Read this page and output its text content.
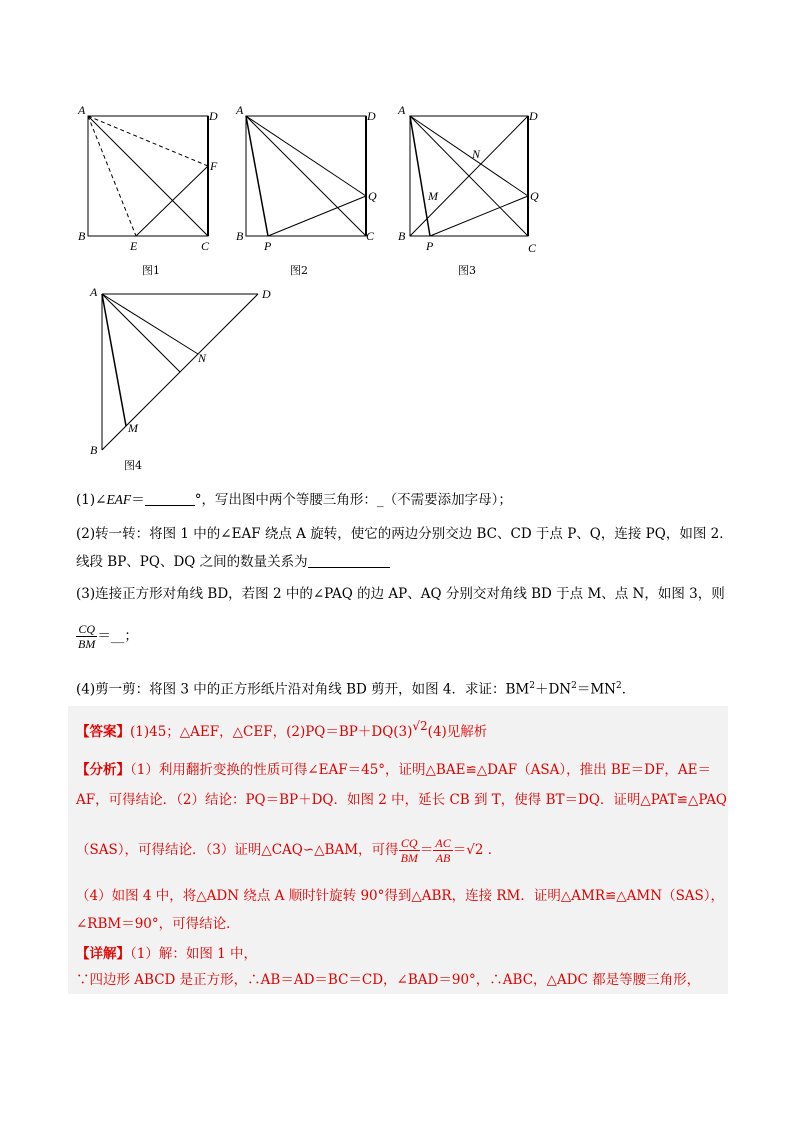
A	D
F
B
E	C
图1
A	D
Q
B
P
C
图2
A	D
N
M	Q
B
P	C
图3
A	D
N
M
B
图4
(1)∠EAF＝	°，写出图中两个等腰三角形：_（不需要添加字母）；
(2)转一转：将图 1 中的∠EAF 绕点 A 旋转，使它的两边分别交边 BC、CD 于点 P、Q，连接 PQ，如图 2．
线段 BP、PQ、DQ 之间的数量关系为
(3)连接正方形对角线 BD，若图 2 中的∠PAQ 的边 AP、AQ 分别交对角线 BD 于点 M、点 N，如图 3，则
$\frac{CQ}{BM}$ ＝__；
(4)剪一剪：将图 3 中的正方形纸片沿对角线 BD 剪开，如图 4．求证：$BM^2+DN^2=MN^2$．
【答案】(1)45；△AEF，△CEF，(2)PQ＝BP＋DQ(3)√2(4)见解析
【分析】（1）利用翻折变换的性质可得∠EAF＝45°，证明△BAE≌△DAF（ASA），推出 BE＝DF，AE＝
AF，可得结论．（2）结论：PQ＝BP＋DQ．如图 2 中，延长 CB 到 T，使得 BT＝DQ．证明△PAT≌△PAQ
（SAS），可得结论．（3）证明△CAQ∽△BAM，可得 $\frac{CQ}{BM} = \frac{AC}{AB} =√2$ ．
（4）如图 4 中，将△ADN 绕点 A 顺时针旋转 90°得到△ABR，连接 RM．证明△AMR≌△AMN（SAS），
∠RBM＝90°，可得结论．
【详解】（1）解：如图 1 中，
∵四边形 ABCD 是正方形，∴AB＝AD＝BC＝CD，∠BAD＝90°，∴ABC，△ADC 都是等腰三角形，
